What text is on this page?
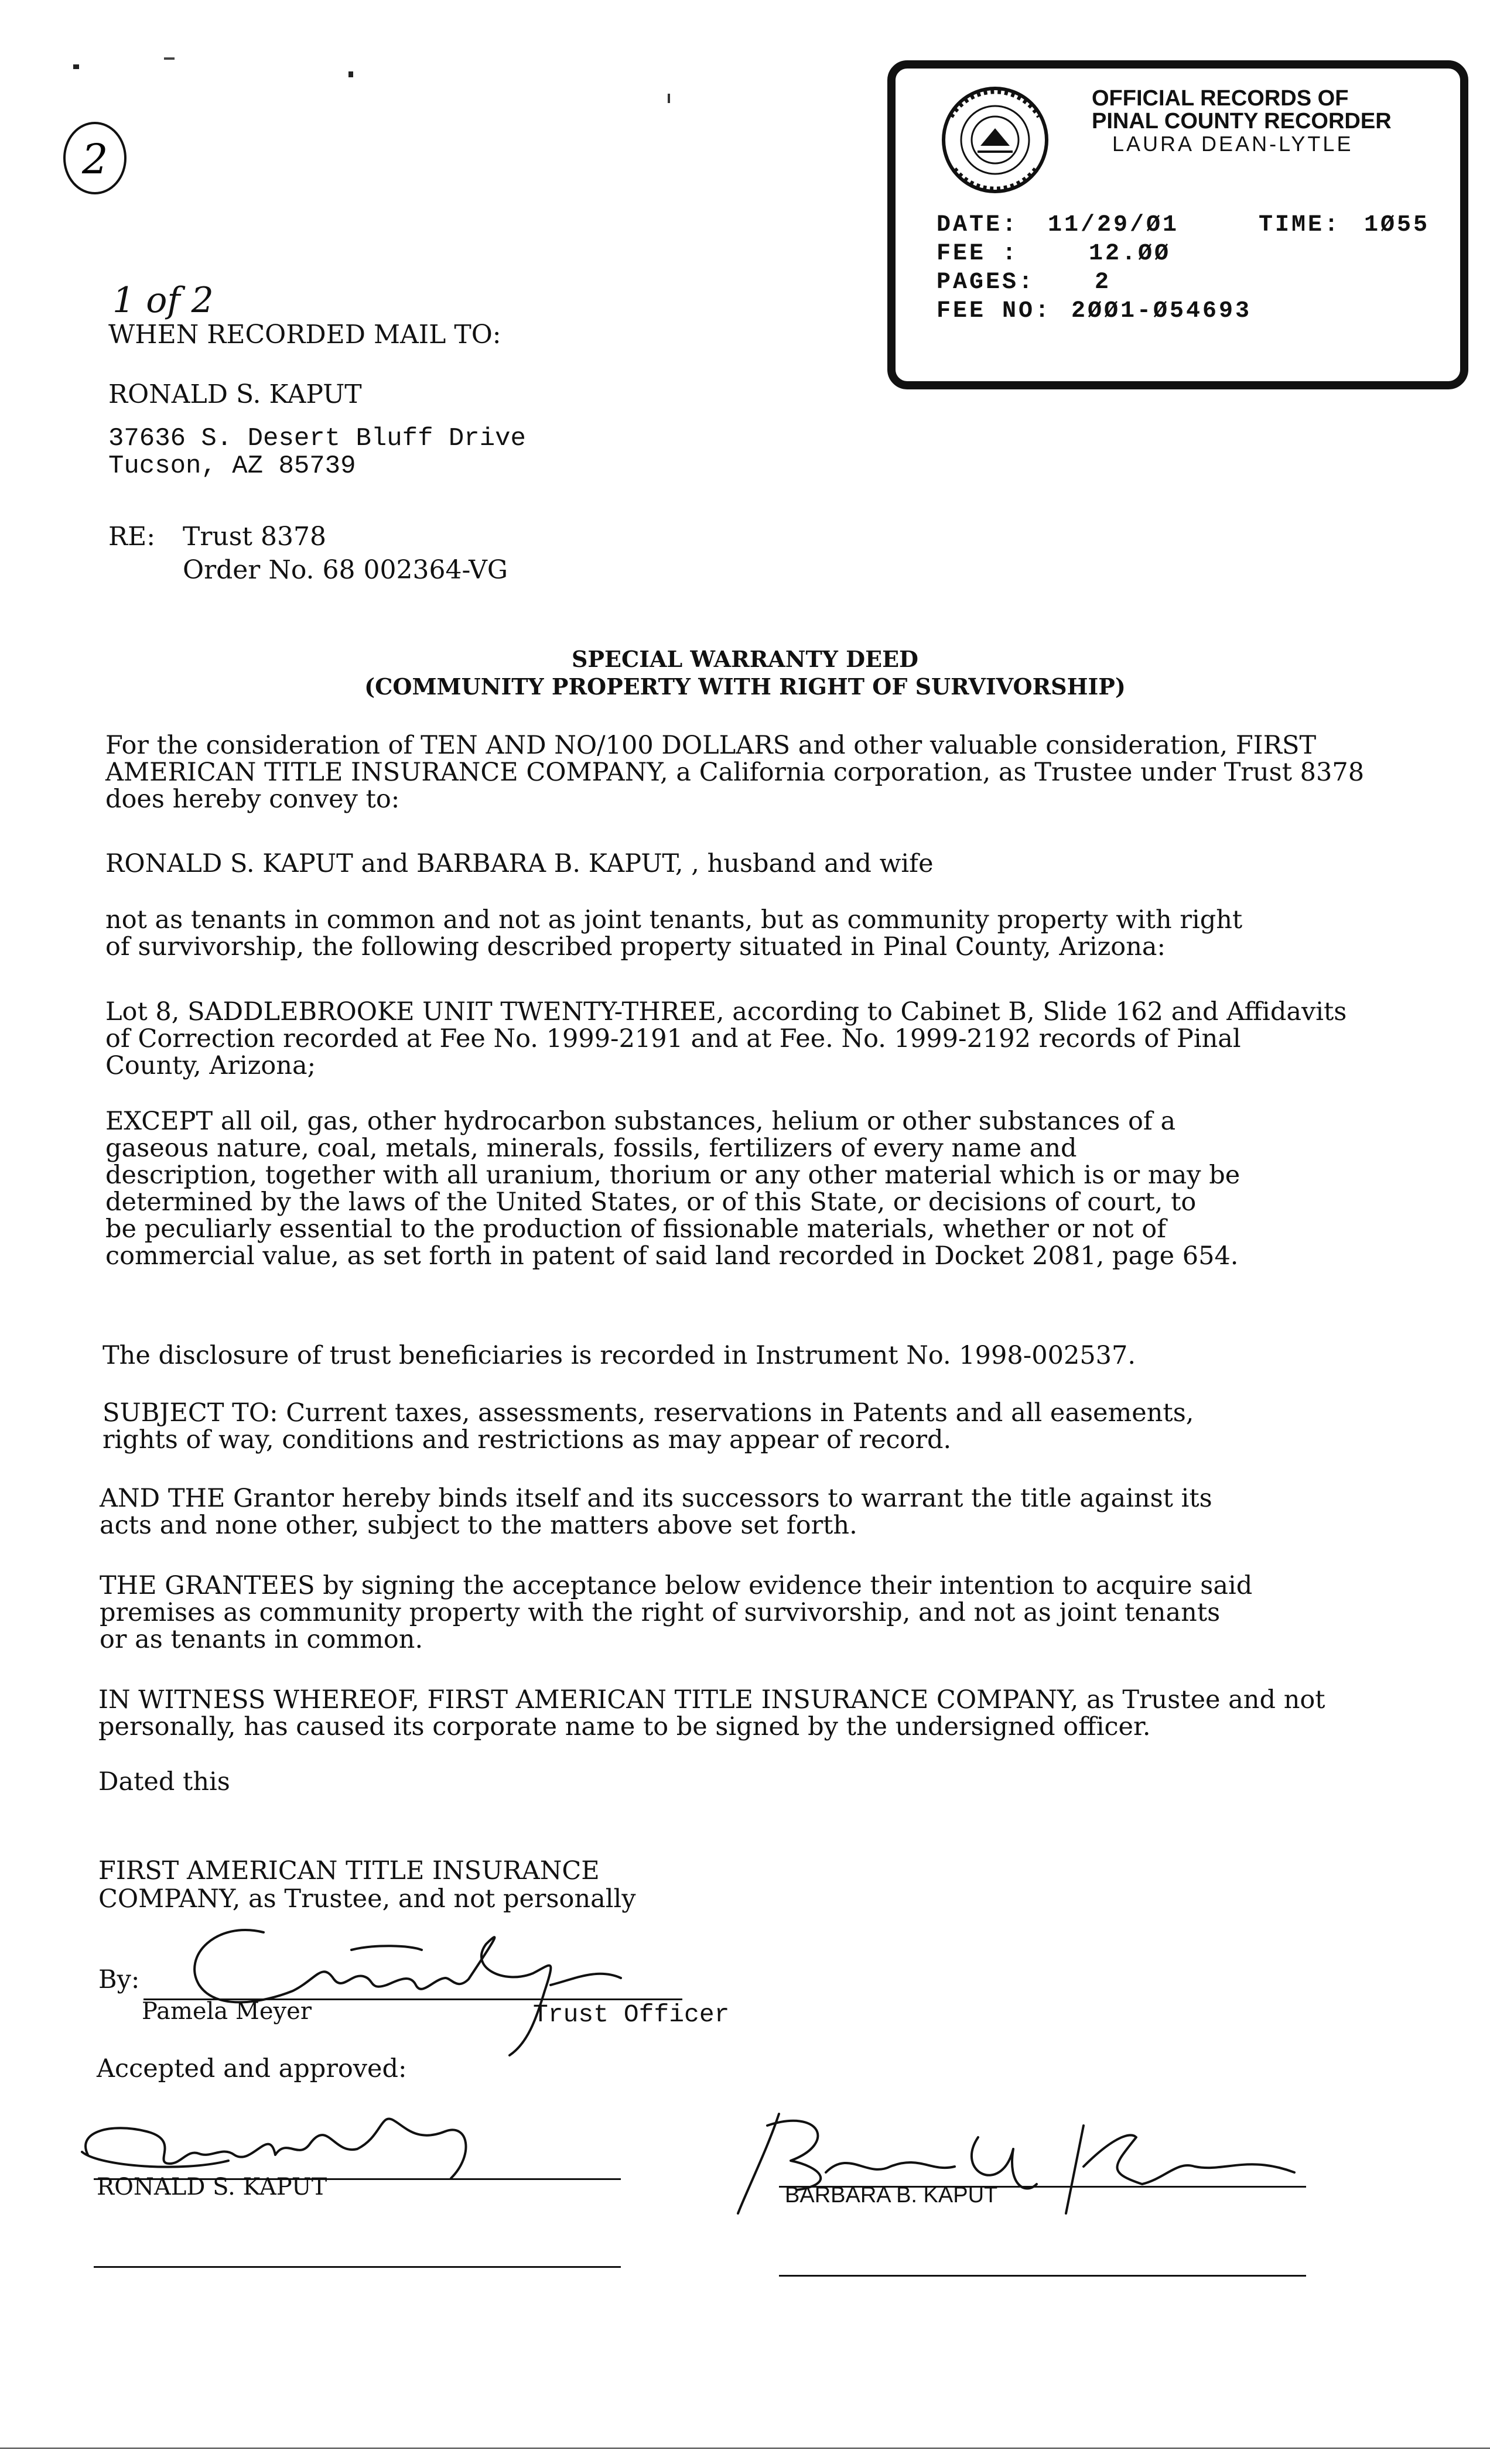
2
OFFICIAL RECORDS OF
PINAL COUNTY RECORDER
LAURA DEAN-LYTLE
DATE: 11/29/Ø1	TIME: 1Ø55
FEE :	12.ØØ
PAGES:	2
FEE NO: 2ØØ1-Ø54693
1 of 2
WHEN RECORDED MAIL TO:
RONALD S. KAPUT
37636 S. Desert Bluff Drive
Tucson, AZ 85739
RE: Trust 8378
Order No. 68 002364-VG
SPECIAL WARRANTY DEED
(COMMUNITY PROPERTY WITH RIGHT OF SURVIVORSHIP)
For the consideration of TEN AND NO/100 DOLLARS and other valuable consideration, FIRST
AMERICAN TITLE INSURANCE COMPANY, a California corporation, as Trustee under Trust 8378
does hereby convey to:
RONALD S. KAPUT and BARBARA B. KAPUT, , husband and wife
not as tenants in common and not as joint tenants, but as community property with right
of survivorship, the following described property situated in Pinal County, Arizona:
Lot 8, SADDLEBROOKE UNIT TWENTY-THREE, according to Cabinet B, Slide 162 and Affidavits
of Correction recorded at Fee No. 1999-2191 and at Fee. No. 1999-2192 records of Pinal
County, Arizona;
EXCEPT all oil, gas, other hydrocarbon substances, helium or other substances of a
gaseous nature, coal, metals, minerals, fossils, fertilizers of every name and
description, together with all uranium, thorium or any other material which is or may be
determined by the laws of the United States, or of this State, or decisions of court, to
be peculiarly essential to the production of fissionable materials, whether or not of
commercial value, as set forth in patent of said land recorded in Docket 2081, page 654.
The disclosure of trust beneficiaries is recorded in Instrument No. 1998-002537.
SUBJECT TO: Current taxes, assessments, reservations in Patents and all easements,
rights of way, conditions and restrictions as may appear of record.
AND THE Grantor hereby binds itself and its successors to warrant the title against its
acts and none other, subject to the matters above set forth.
THE GRANTEES by signing the acceptance below evidence their intention to acquire said
premises as community property with the right of survivorship, and not as joint tenants
or as tenants in common.
IN WITNESS WHEREOF, FIRST AMERICAN TITLE INSURANCE COMPANY, as Trustee and not
personally, has caused its corporate name to be signed by the undersigned officer.
Dated this
FIRST AMERICAN TITLE INSURANCE
COMPANY, as Trustee, and not personally
By:
Pamela Meyer	Trust Officer
Accepted and approved:
RONALD S. KAPUT	BARBARA B. KAPUT
